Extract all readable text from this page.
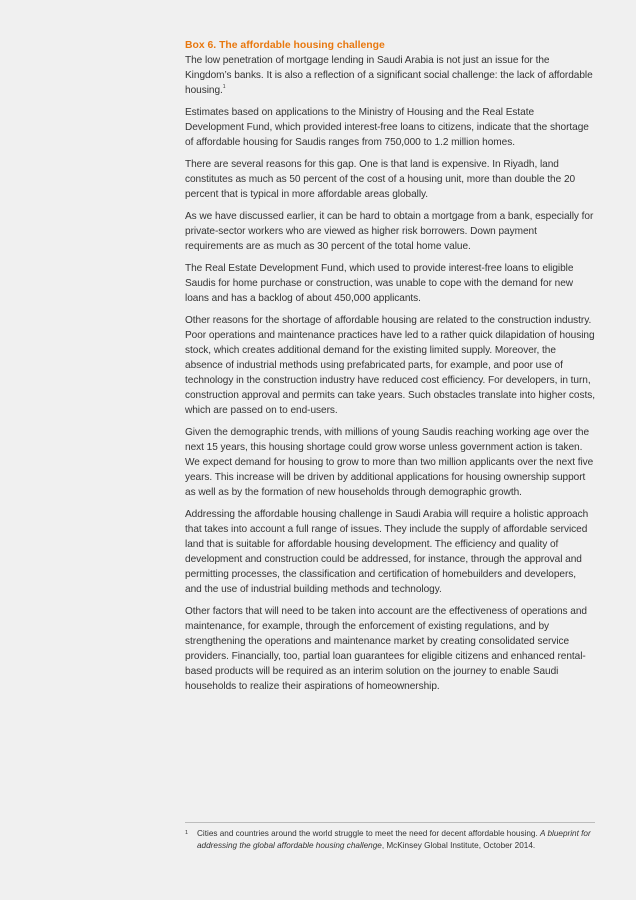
Box 6. The affordable housing challenge

The low penetration of mortgage lending in Saudi Arabia is not just an issue for the Kingdom’s banks. It is also a reflection of a significant social challenge: the lack of affordable housing.$^1$

Estimates based on applications to the Ministry of Housing and the Real Estate Development Fund, which provided interest-free loans to citizens, indicate that the shortage of affordable housing for Saudis ranges from 750,000 to 1.2 million homes.

There are several reasons for this gap. One is that land is expensive. In Riyadh, land constitutes as much as 50 percent of the cost of a housing unit, more than double the 20 percent that is typical in more affordable areas globally.

As we have discussed earlier, it can be hard to obtain a mortgage from a bank, especially for private-sector workers who are viewed as higher risk borrowers. Down payment requirements are as much as 30 percent of the total home value.

The Real Estate Development Fund, which used to provide interest-free loans to eligible Saudis for home purchase or construction, was unable to cope with the demand for new loans and has a backlog of about 450,000 applicants.

Other reasons for the shortage of affordable housing are related to the construction industry. Poor operations and maintenance practices have led to a rather quick dilapidation of housing stock, which creates additional demand for the existing limited supply. Moreover, the absence of industrial methods using prefabricated parts, for example, and poor use of technology in the construction industry have reduced cost efficiency. For developers, in turn, construction approval and permits can take years. Such obstacles translate into higher costs, which are passed on to end-users.

Given the demographic trends, with millions of young Saudis reaching working age over the next 15 years, this housing shortage could grow worse unless government action is taken. We expect demand for housing to grow to more than two million applicants over the next five years. This increase will be driven by additional applications for housing ownership support as well as by the formation of new households through demographic growth.

Addressing the affordable housing challenge in Saudi Arabia will require a holistic approach that takes into account a full range of issues. They include the supply of affordable serviced land that is suitable for affordable housing development. The efficiency and quality of development and construction could be addressed, for instance, through the approval and permitting processes, the classification and certification of homebuilders and developers, and the use of industrial building methods and technology.

Other factors that will need to be taken into account are the effectiveness of operations and maintenance, for example, through the enforcement of existing regulations, and by strengthening the operations and maintenance market by creating consolidated service providers. Financially, too, partial loan guarantees for eligible citizens and enhanced rental-based products will be required as an interim solution on the journey to enable Saudi households to realize their aspirations of homeownership.

1	Cities and countries around the world struggle to meet the need for decent affordable housing. A blueprint for addressing the global affordable housing challenge, McKinsey Global Institute, October 2014.
